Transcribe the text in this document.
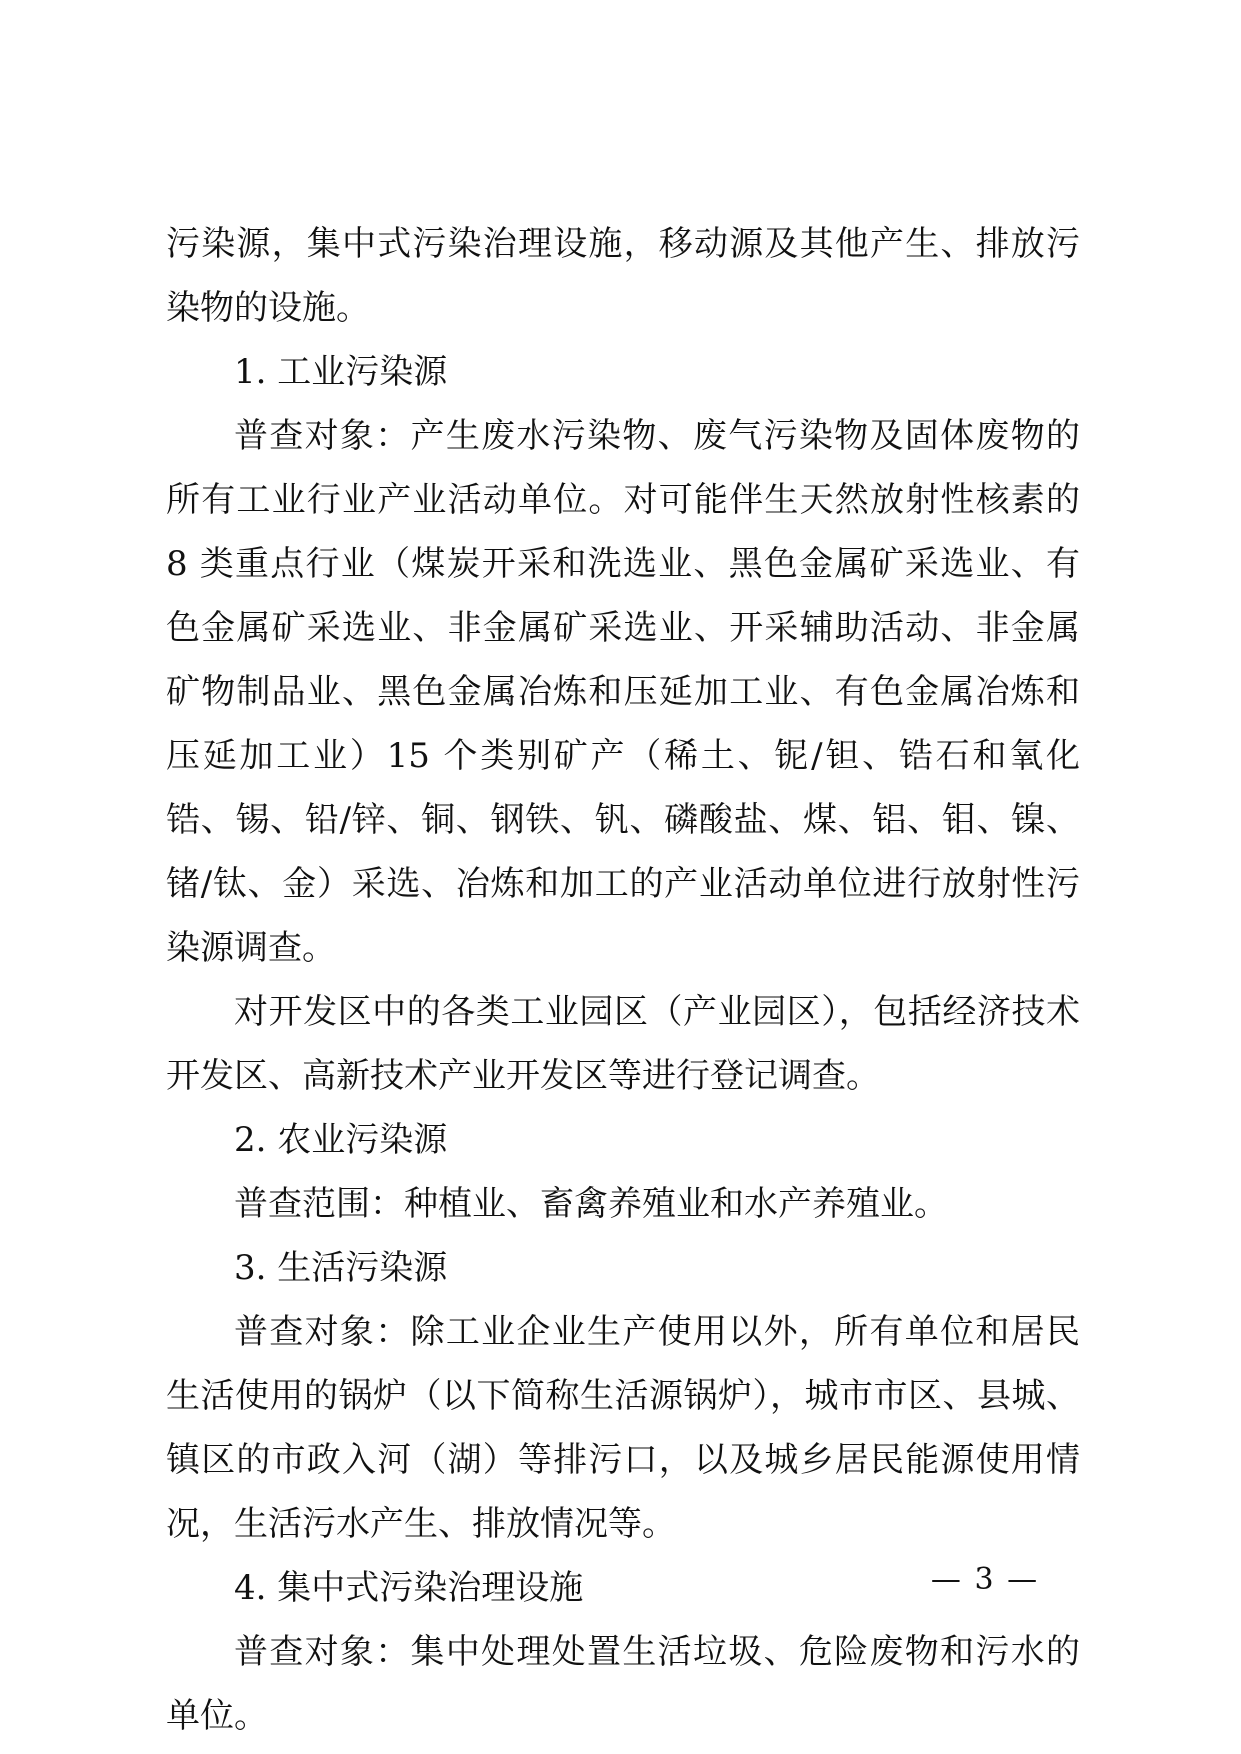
污染源，集中式污染治理设施，移动源及其他产生、排放污染物的设施。

1. 工业污染源

普查对象：产生废水污染物、废气污染物及固体废物的所有工业行业产业活动单位。对可能伴生天然放射性核素的 8 类重点行业（煤炭开采和洗选业、黑色金属矿采选业、有色金属矿采选业、非金属矿采选业、开采辅助活动、非金属矿物制品业、黑色金属冶炼和压延加工业、有色金属冶炼和压延加工业）15 个类别矿产（稀土、铌/钽、锆石和氧化锆、锡、铅/锌、铜、钢铁、钒、磷酸盐、煤、铝、钼、镍、锗/钛、金）采选、冶炼和加工的产业活动单位进行放射性污染源调查。

对开发区中的各类工业园区（产业园区），包括经济技术开发区、高新技术产业开发区等进行登记调查。

2. 农业污染源

普查范围：种植业、畜禽养殖业和水产养殖业。

3. 生活污染源

普查对象：除工业企业生产使用以外，所有单位和居民生活使用的锅炉（以下简称生活源锅炉），城市市区、县城、镇区的市政入河（湖）等排污口，以及城乡居民能源使用情况，生活污水产生、排放情况等。

4. 集中式污染治理设施

普查对象：集中处理处置生活垃圾、危险废物和污水的单位。

— 3 —
